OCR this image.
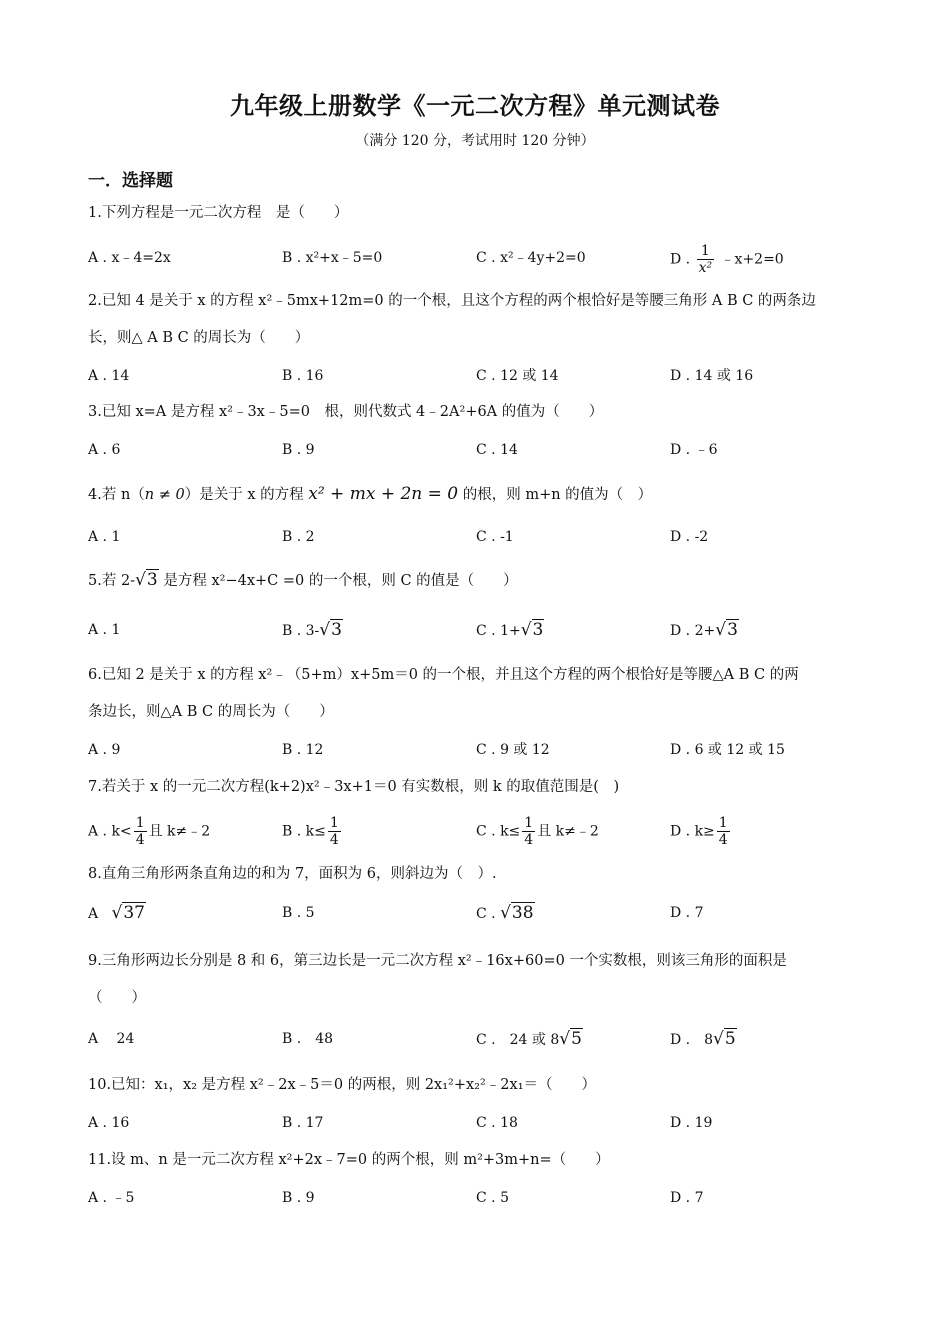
九年级上册数学《一元二次方程》单元测试卷
（满分 120 分，考试用时 120 分钟）
一．选择题
1.下列方程是一元二次方程　是（　　）
A . x﹣4=2x	B . x²+x﹣5=0	C . x²﹣4y+2=0	D . $\frac{1}{\text{x²}}$ ﹣x+2=0
2.已知 4 是关于 x 的方程 x²﹣5mx+12m=0 的一个根，且这个方程的两个根恰好是等腰三角形 A B C 的两条边
长，则△ A B C 的周长为（　　）
A . 14	B . 16	C . 12 或 14	D . 14 或 16
3.已知 x=A 是方程 x²﹣3x﹣5=0　根，则代数式 4﹣2A²+6A 的值为（　　）
A . 6	B . 9	C . 14	D . ﹣6
4.若 n（n ≠ 0）是关于 x 的方程 x² + mx + 2n = 0 的根，则 m+n 的值为（　）
A . 1	B . 2	C . -1	D . -2
5.若 2-√3 是方程 x²−4x+C =0 的一个根，则 C 的值是（　　）
A . 1	B . 3-√3	C . 1+√3	D . 2+√3
6.已知 2 是关于 x 的方程 x²﹣（5+m）x+5m＝0 的一个根，并且这个方程的两个根恰好是等腰△A B C 的两
条边长，则△A B C 的周长为（　　）
A . 9	B . 12	C . 9 或 12	D . 6 或 12 或 15
7.若关于 x 的一元二次方程(k+2)x²﹣3x+1＝0 有实数根，则 k 的取值范围是(　)
A . $k< \frac{1}{4}$ 且 k≠﹣2	B . $k\le \frac{1}{4}$	C . $k\le \frac{1}{4}$ 且 k≠﹣2	D . $k\ge \frac{1}{4}$
8.直角三角形两条直角边的和为 7，面积为 6，则斜边为（　）.
A √37	B . 5	C . √38	D . 7
9.三角形两边长分别是 8 和 6，第三边长是一元二次方程 x²﹣16x+60=0 一个实数根，则该三角形的面积是
（　　）
A　 24	B .　48	C .　24 或 8√5	D .　8√5
10.已知：x₁，x₂ 是方程 x²﹣2x﹣5＝0 的两根，则 2x₁²+x₂²﹣2x₁＝（　　）
A . 16	B . 17	C . 18	D . 19
11.设 m、n 是一元二次方程 x²+2x﹣7=0 的两个根，则 m²+3m+n=（　　）
A . ﹣5	B . 9	C . 5	D . 7
